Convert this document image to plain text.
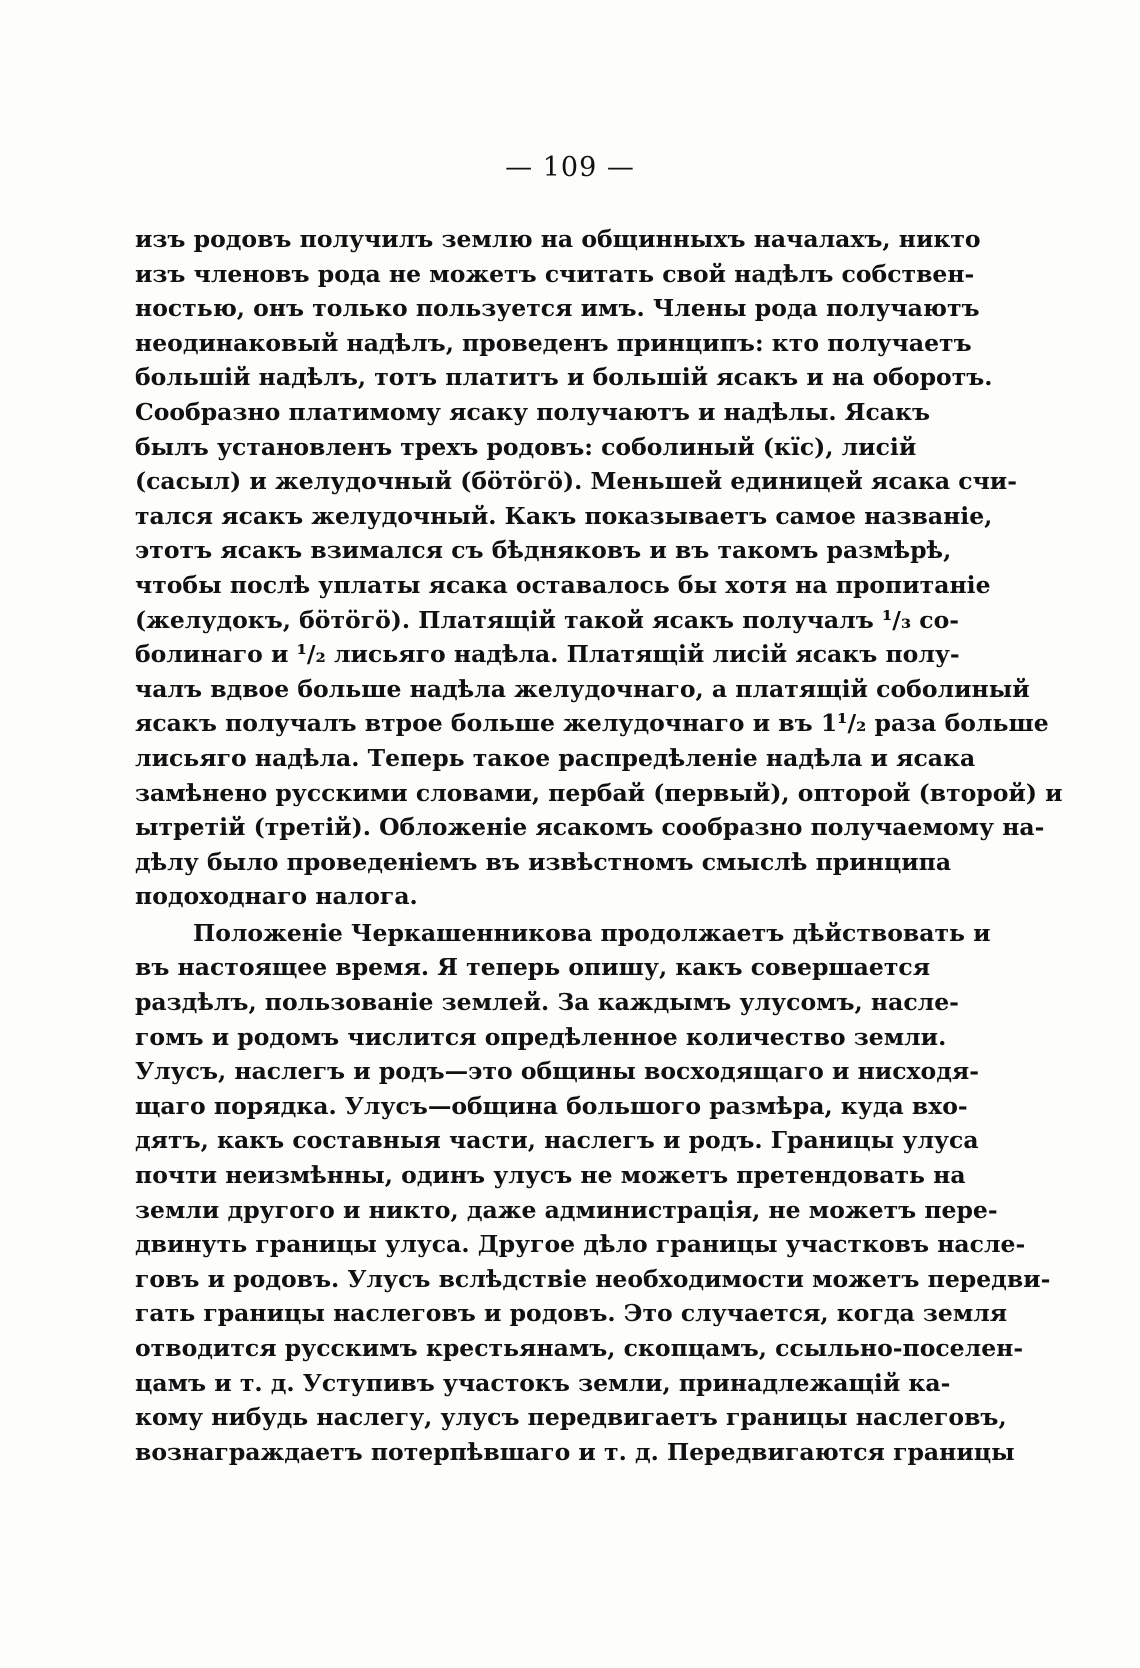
— 109 —
изъ родовъ получилъ землю на общинныхъ началахъ, никто
изъ членовъ рода не можетъ считать свой надѣлъ собствен-
ностью, онъ только пользуется имъ. Члены рода получаютъ
неодинаковый надѣлъ, проведенъ принципъ: кто получаетъ
большій надѣлъ, тотъ платитъ и большій ясакъ и на оборотъ.
Сообразно платимому ясаку получаютъ и надѣлы. Ясакъ
былъ установленъ трехъ родовъ: соболиный (кïс), лисій
(сасыл) и желудочный (бöтöгö). Меньшей единицей ясака счи-
тался ясакъ желудочный. Какъ показываетъ самое названіе,
этотъ ясакъ взимался съ бѣдняковъ и въ такомъ размѣрѣ,
чтобы послѣ уплаты ясака оставалось бы хотя на пропитаніе
(желудокъ, бöтöгö). Платящій такой ясакъ получалъ ¹/₃ со-
болинаго и ¹/₂ лисьяго надѣла. Платящій лисій ясакъ полу-
чалъ вдвое больше надѣла желудочнаго, а платящій соболиный
ясакъ получалъ втрое больше желудочнаго и въ 1¹/₂ раза больше
лисьяго надѣла. Теперь такое распредѣленіе надѣла и ясака
замѣнено русскими словами, пербай (первый), опторой (второй) и
ытретій (третій). Обложеніе ясакомъ сообразно получаемому на-
дѣлу было проведеніемъ въ извѣстномъ смыслѣ принципа
подоходнаго налога.
Положеніе Черкашенникова продолжаетъ дѣйствовать и
въ настоящее время. Я теперь опишу, какъ совершается
раздѣлъ, пользованіе землей. За каждымъ улусомъ, насле-
гомъ и родомъ числится опредѣленное количество земли.
Улусъ, наслегъ и родъ—это общины восходящаго и нисходя-
щаго порядка. Улусъ—община большого размѣра, куда вхо-
дятъ, какъ составныя части, наслегъ и родъ. Границы улуса
почти неизмѣнны, одинъ улусъ не можетъ претендовать на
земли другого и никто, даже администрація, не можетъ пере-
двинуть границы улуса. Другое дѣло границы участковъ насле-
говъ и родовъ. Улусъ вслѣдствіе необходимости можетъ передви-
гать границы наслеговъ и родовъ. Это случается, когда земля
отводится русскимъ крестьянамъ, скопцамъ, ссыльно-поселен-
цамъ и т. д. Уступивъ участокъ земли, принадлежащій ка-
кому нибудь наслегу, улусъ передвигаетъ границы наслеговъ,
вознаграждаетъ потерпѣвшаго и т. д. Передвигаются границы
